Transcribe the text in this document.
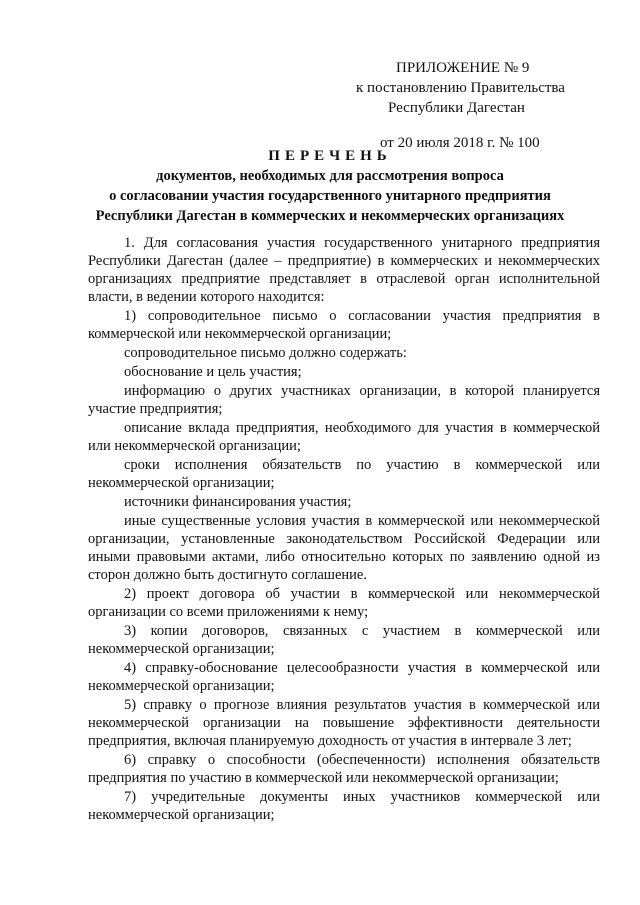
ПРИЛОЖЕНИЕ № 9
к постановлению Правительства
Республики Дагестан
от 20 июля 2018 г. № 100
ПЕРЕЧЕНЬ
документов, необходимых для рассмотрения вопроса
о согласовании участия государственного унитарного предприятия
Республики Дагестан в коммерческих и некоммерческих организациях

1. Для согласования участия государственного унитарного предприятия Республики Дагестан (далее – предприятие) в коммерческих и некоммерческих организациях предприятие представляет в отраслевой орган исполнительной власти, в ведении которого находится:

1) сопроводительное письмо о согласовании участия предприятия в коммерческой или некоммерческой организации;

сопроводительное письмо должно содержать:

обоснование и цель участия;

информацию о других участниках организации, в которой планируется участие предприятия;

описание вклада предприятия, необходимого для участия в коммерческой или некоммерческой организации;

сроки исполнения обязательств по участию в коммерческой или некоммерческой организации;

источники финансирования участия;

иные существенные условия участия в коммерческой или некоммерческой организации, установленные законодательством Российской Федерации или иными правовыми актами, либо относительно которых по заявлению одной из сторон должно быть достигнуто соглашение.

2) проект договора об участии в коммерческой или некоммерческой организации со всеми приложениями к нему;

3) копии договоров, связанных с участием в коммерческой или некоммерческой организации;

4) справку-обоснование целесообразности участия в коммерческой или некоммерческой организации;

5) справку о прогнозе влияния результатов участия в коммерческой или некоммерческой организации на повышение эффективности деятельности предприятия, включая планируемую доходность от участия в интервале 3 лет;

6) справку о способности (обеспеченности) исполнения обязательств предприятия по участию в коммерческой или некоммерческой организации;

7) учредительные документы иных участников коммерческой или некоммерческой организации;
